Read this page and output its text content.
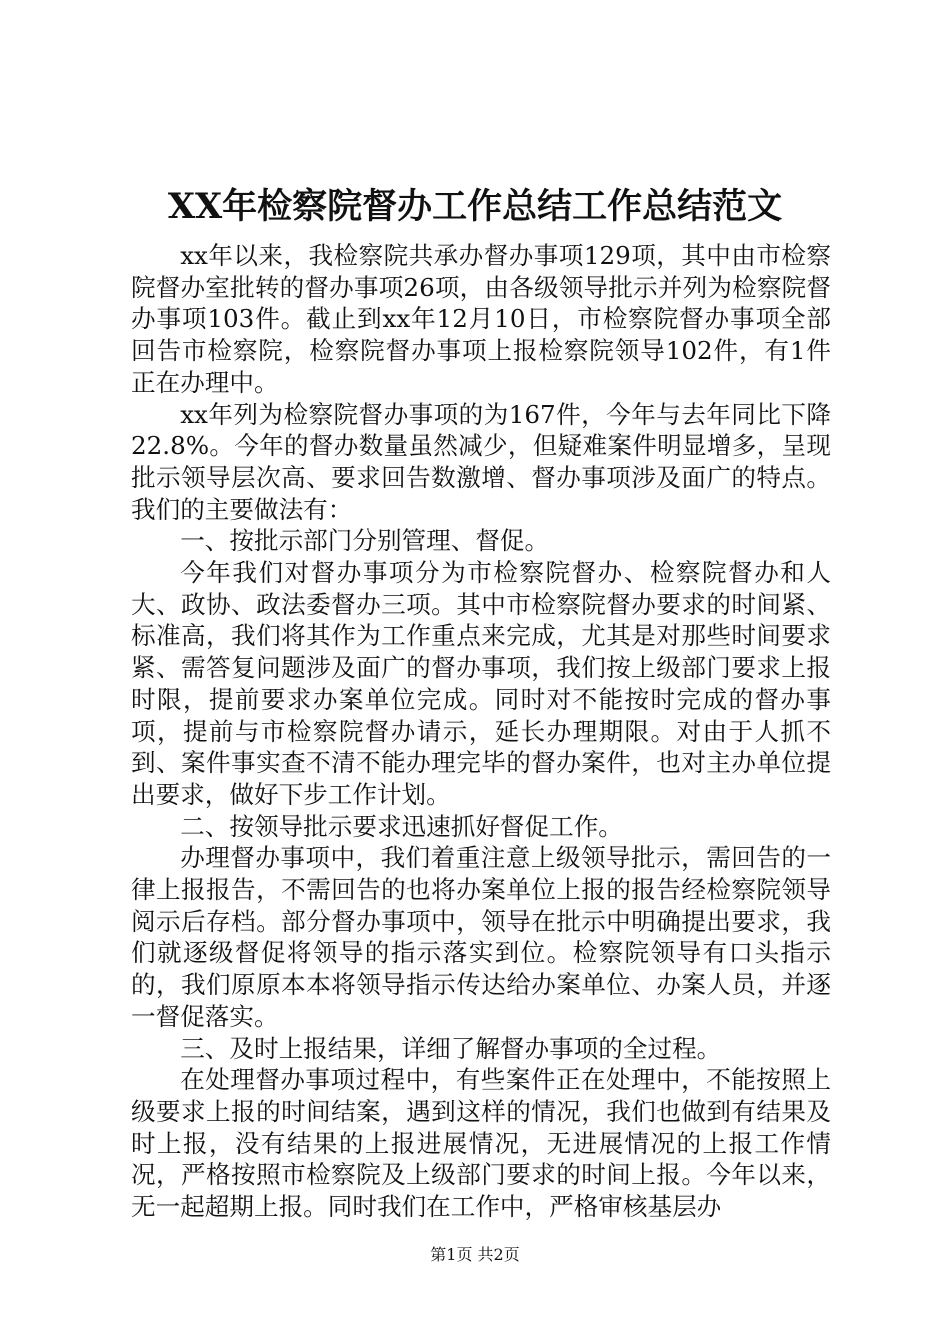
XX年检察院督办工作总结工作总结范文

xx年以来，我检察院共承办督办事项129项，其中由市检察院督办室批转的督办事项26项，由各级领导批示并列为检察院督办事项103件。截止到xx年12月10日，市检察院督办事项全部回告市检察院，检察院督办事项上报检察院领导102件，有1件正在办理中。

xx年列为检察院督办事项的为167件，今年与去年同比下降22.8%。今年的督办数量虽然减少，但疑难案件明显增多，呈现批示领导层次高、要求回告数激增、督办事项涉及面广的特点。我们的主要做法有：

一、按批示部门分别管理、督促。

今年我们对督办事项分为市检察院督办、检察院督办和人大、政协、政法委督办三项。其中市检察院督办要求的时间紧、标准高，我们将其作为工作重点来完成，尤其是对那些时间要求紧、需答复问题涉及面广的督办事项，我们按上级部门要求上报时限，提前要求办案单位完成。同时对不能按时完成的督办事项，提前与市检察院督办请示，延长办理期限。对由于人抓不到、案件事实查不清不能办理完毕的督办案件，也对主办单位提出要求，做好下步工作计划。

二、按领导批示要求迅速抓好督促工作。

办理督办事项中，我们着重注意上级领导批示，需回告的一律上报报告，不需回告的也将办案单位上报的报告经检察院领导阅示后存档。部分督办事项中，领导在批示中明确提出要求，我们就逐级督促将领导的指示落实到位。检察院领导有口头指示的，我们原原本本将领导指示传达给办案单位、办案人员，并逐一督促落实。

三、及时上报结果，详细了解督办事项的全过程。

在处理督办事项过程中，有些案件正在处理中，不能按照上级要求上报的时间结案，遇到这样的情况，我们也做到有结果及时上报，没有结果的上报进展情况，无进展情况的上报工作情况，严格按照市检察院及上级部门要求的时间上报。今年以来，无一起超期上报。同时我们在工作中，严格审核基层办

第1页 共2页
